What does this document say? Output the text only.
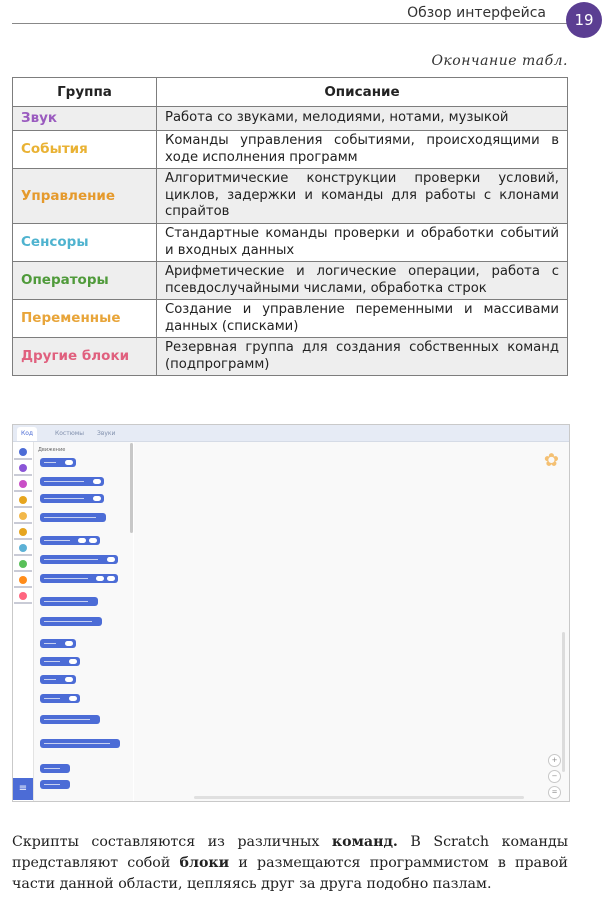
Обзор интерфейса	19
Окончание табл.
Группа	Описание
Звук	Работа со звуками, мелодиями, нотами, музыкой
События	Команды управления событиями, происходящими в ходе исполнения программ
Управление	Алгоритмические конструкции проверки условий, циклов, задержки и команды для работы с клонами спрайтов
Сенсоры	Стандартные команды проверки и обработки событий и входных данных
Операторы	Арифметические и логические операции, работа с псевдослучайными числами, обработка строк
Переменные	Создание и управление переменными и массивами данных (списками)
Другие блоки	Резервная группа для создания собственных команд (подпрограмм)
Код	Костюмы	Звуки
Движение	✿
+
−
=
≡
Скрипты составляются из различных команд. В Scratch команды представляют собой блоки и размещаются программистом в правой части данной области, цепляясь друг за друга подобно пазлам.
